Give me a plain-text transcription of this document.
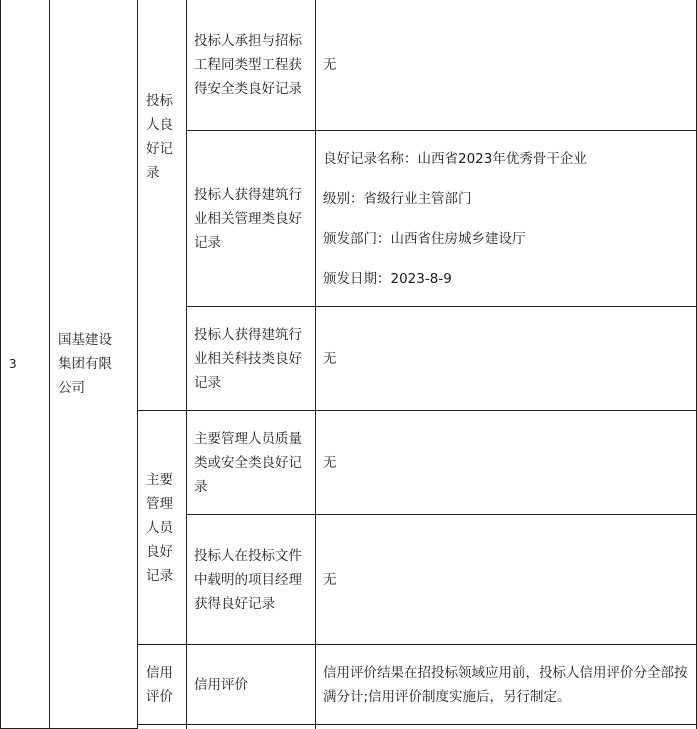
3	国基建设集团有限公司	投标人良好记录	投标人承担与招标工程同类型工程获得安全类良好记录	无

			投标人获得建筑行业相关管理类良好记录	良好记录名称：山西省2023年优秀骨干企业
级别：省级行业主管部门
颁发部门：山西省住房城乡建设厅
颁发日期：2023-8-9

			投标人获得建筑行业相关科技类良好记录	无

		主要管理人员良好记录	主要管理人员质量类或安全类良好记录	无

			投标人在投标文件中载明的项目经理获得良好记录	无

		信用评价	信用评价	信用评价结果在招投标领域应用前，投标人信用评价分全部按满分计;信用评价制度实施后，另行制定。
